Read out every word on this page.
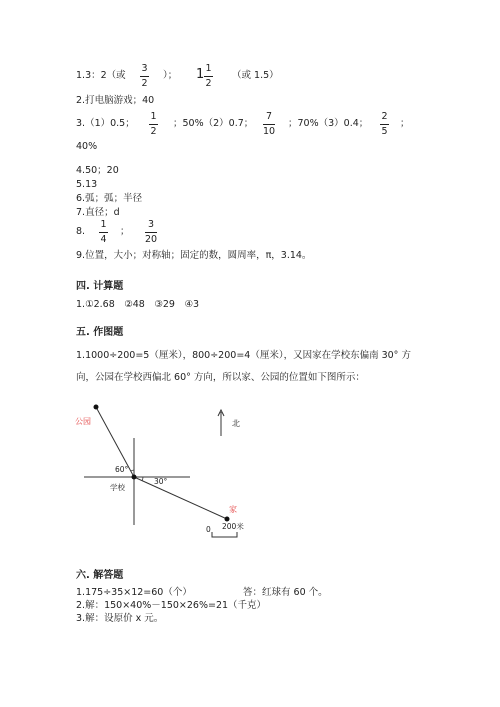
1.3：2（或
3
2
）； 1 1
2
（或 1.5）
2.打电脑游戏；40
3.（1）0.5；
1
2
；50%（2）0.7；
7
10
；70%（3）0.4；
2
5
；
40%
4.50；20
5.13
6.弧；弧；半径
7.直径；d
8.
1
4
；
3
20
9.位置，大小；对称轴；固定的数，圆周率，π，3.14。
四. 计算题
1.①2.68　②48　③29　④3
五. 作图题
1.1000÷200=5（厘米），800÷200=4（厘米），又因家在学校东偏南 30° 方
向，公园在学校西偏北 60° 方向，所以家、公园的位置如下图所示：
公园	北
60°
30°
学校
家
0 200米
六. 解答题
1.175÷35×12=60（个）	答：红球有 60 个。
2.解：150×40%－150×26%=21（千克）
3.解：设原价 x 元。
